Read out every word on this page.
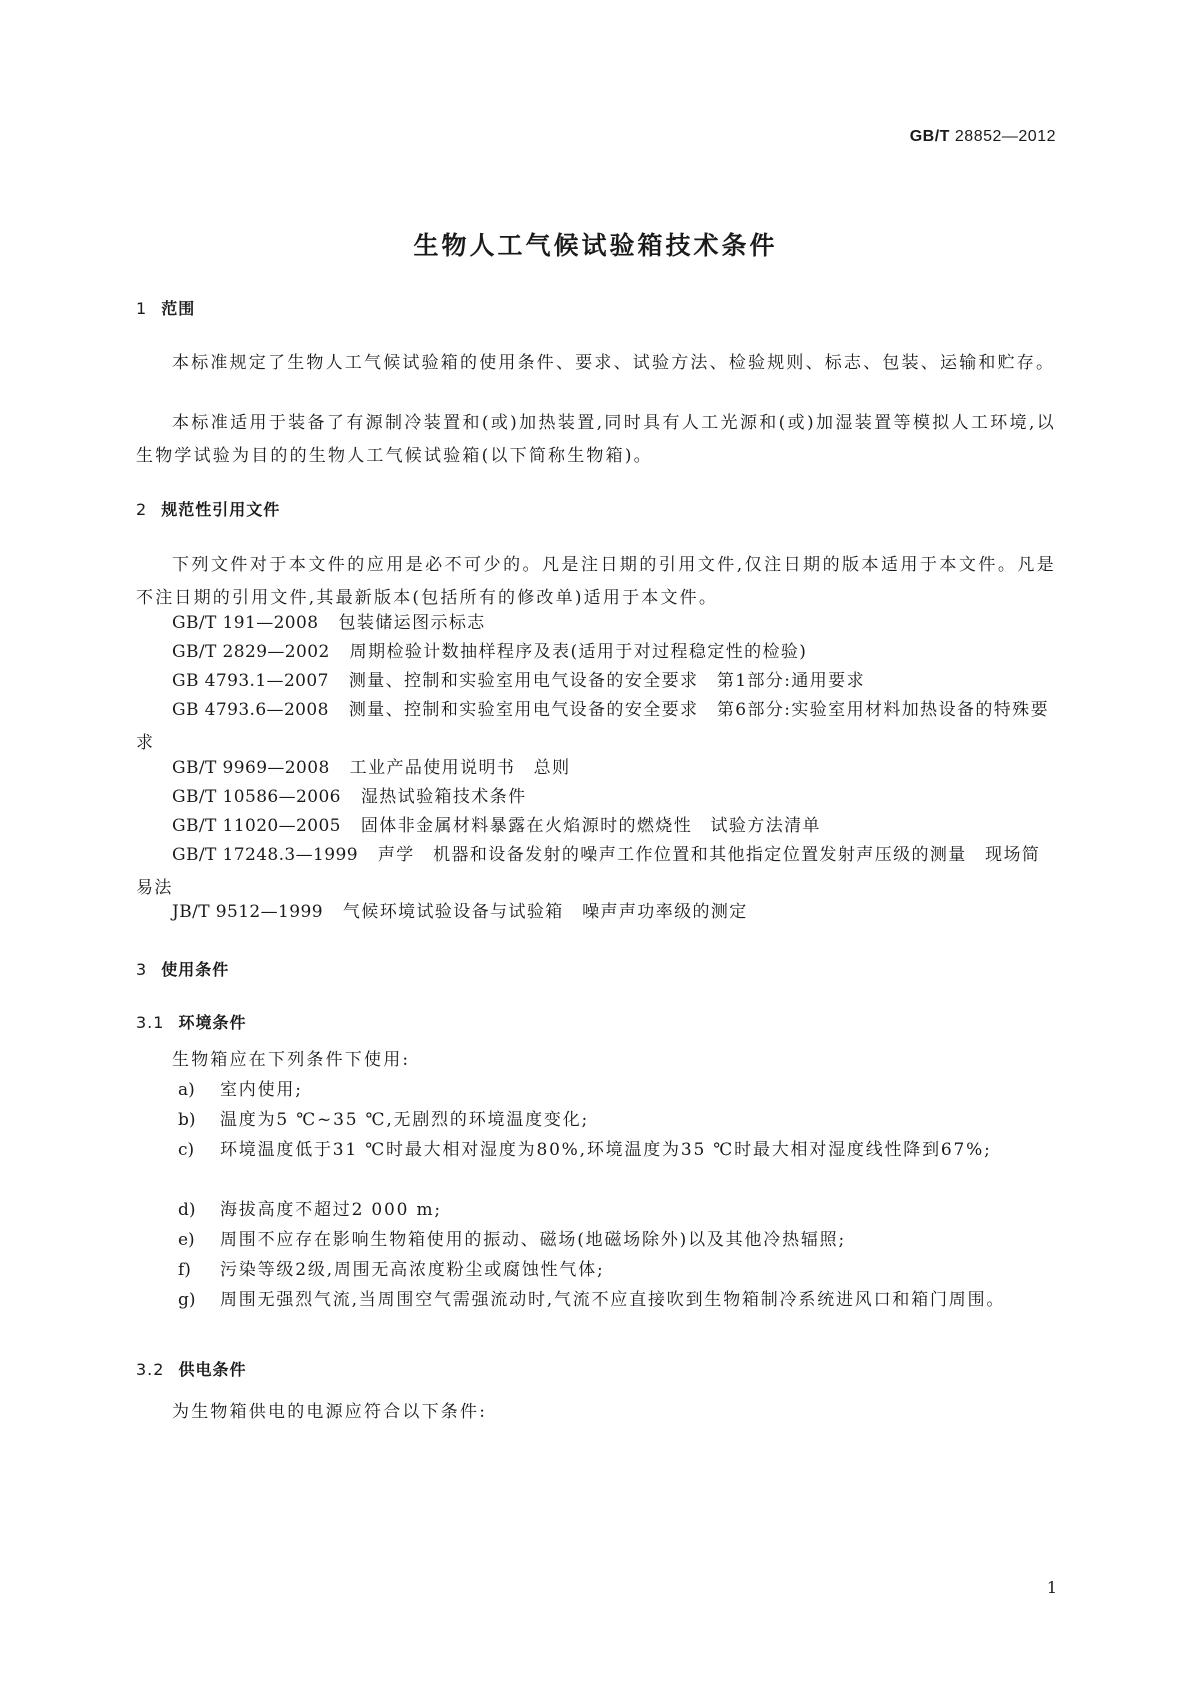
GB/T 28852—2012
生物人工气候试验箱技术条件
1 范围
本标准规定了生物人工气候试验箱的使用条件、要求、试验方法、检验规则、标志、包装、运输和贮存。
本标准适用于装备了有源制冷装置和(或)加热装置,同时具有人工光源和(或)加湿装置等模拟人工环境,以生物学试验为目的的生物人工气候试验箱(以下简称生物箱)。
2 规范性引用文件
下列文件对于本文件的应用是必不可少的。凡是注日期的引用文件,仅注日期的版本适用于本文件。凡是不注日期的引用文件,其最新版本(包括所有的修改单)适用于本文件。
GB/T 191—2008 包装储运图示标志
GB/T 2829—2002 周期检验计数抽样程序及表(适用于对过程稳定性的检验)
GB 4793.1—2007 测量、控制和实验室用电气设备的安全要求　第1部分:通用要求
GB 4793.6—2008 测量、控制和实验室用电气设备的安全要求　第6部分:实验室用材料加热设备的特殊要求
GB/T 9969—2008 工业产品使用说明书　总则
GB/T 10586—2006 湿热试验箱技术条件
GB/T 11020—2005 固体非金属材料暴露在火焰源时的燃烧性　试验方法清单
GB/T 17248.3—1999 声学　机器和设备发射的噪声工作位置和其他指定位置发射声压级的测量　现场简易法
JB/T 9512—1999 气候环境试验设备与试验箱　噪声声功率级的测定
3 使用条件
3.1 环境条件
生物箱应在下列条件下使用:
a) 室内使用;
b) 温度为5 ℃~35 ℃,无剧烈的环境温度变化;
c) 环境温度低于31 ℃时最大相对湿度为80%,环境温度为35 ℃时最大相对湿度线性降到67%;
d) 海拔高度不超过2 000 m;
e) 周围不应存在影响生物箱使用的振动、磁场(地磁场除外)以及其他冷热辐照;
f) 污染等级2级,周围无高浓度粉尘或腐蚀性气体;
g) 周围无强烈气流,当周围空气需强流动时,气流不应直接吹到生物箱制冷系统进风口和箱门周围。
3.2 供电条件
为生物箱供电的电源应符合以下条件:
1
